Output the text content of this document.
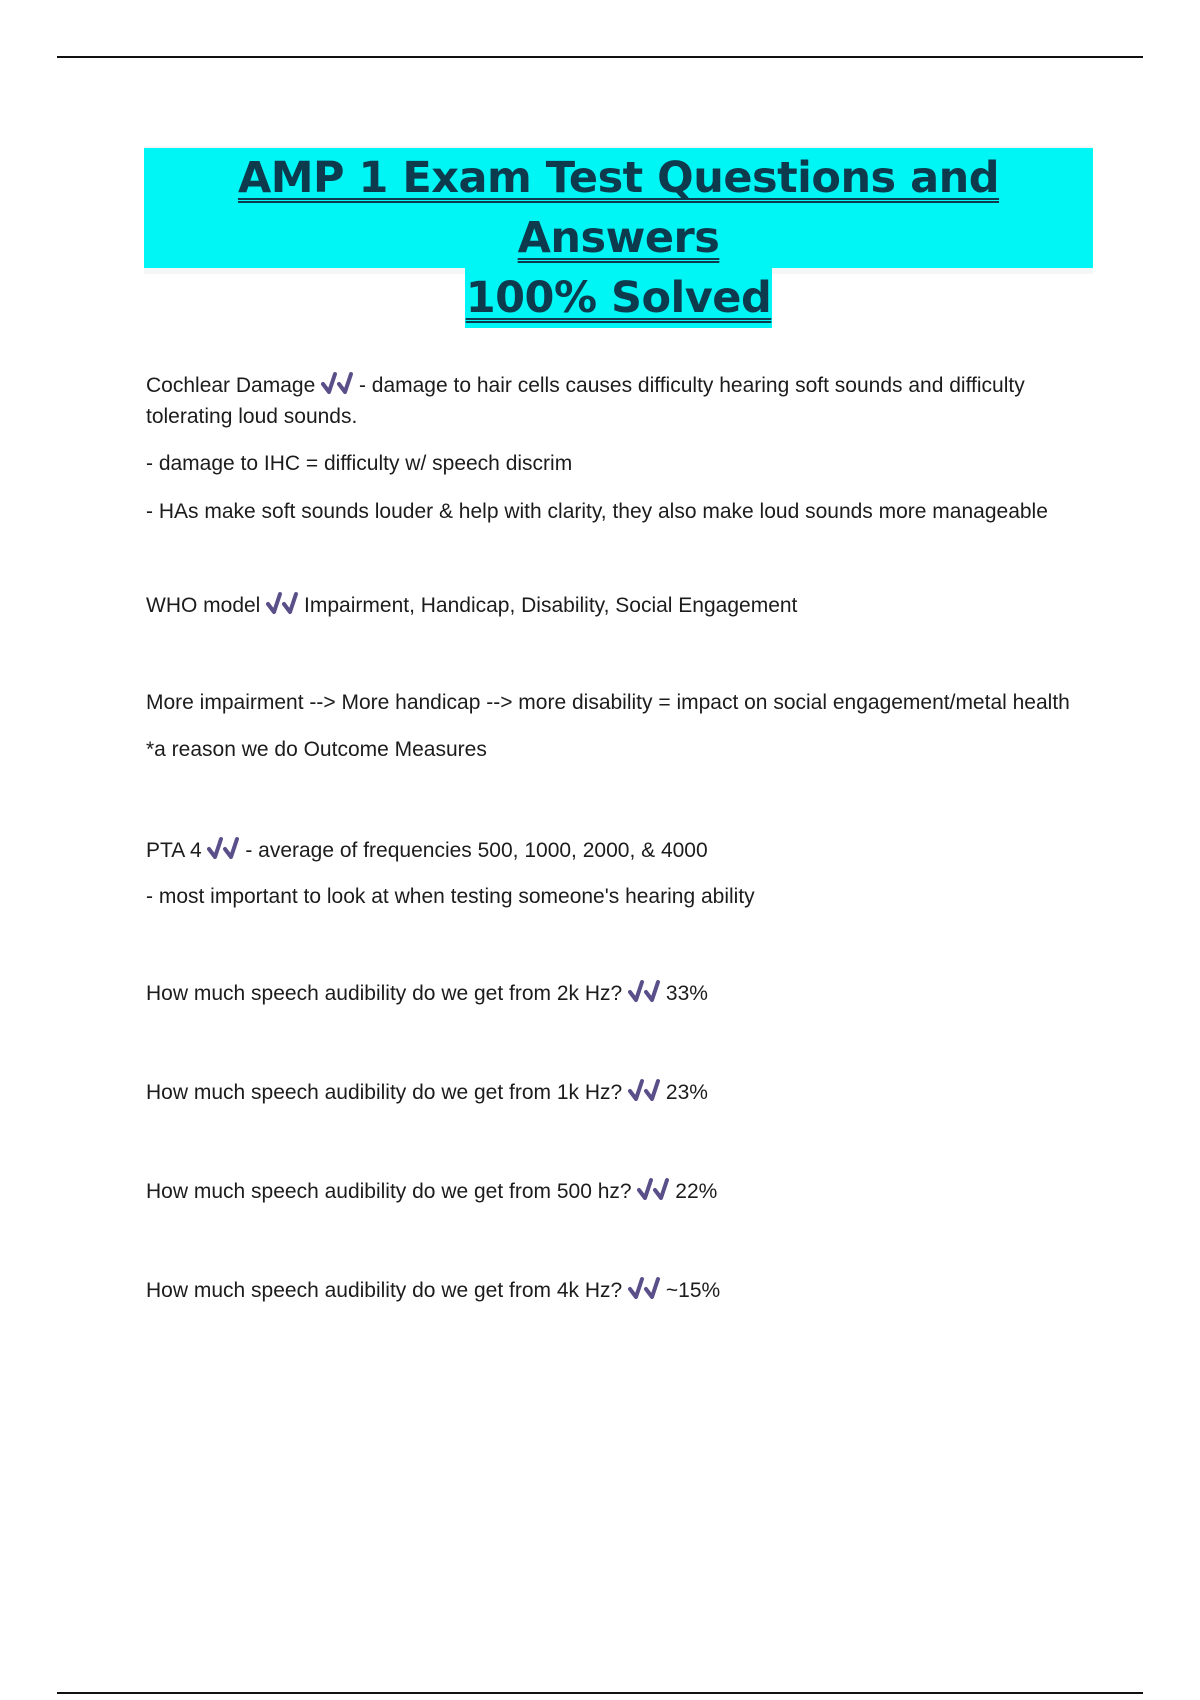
AMP 1 Exam Test Questions and Answers
100% Solved

Cochlear Damage - damage to hair cells causes difficulty hearing soft sounds and difficulty tolerating loud sounds.

- damage to IHC = difficulty w/ speech discrim

- HAs make soft sounds louder & help with clarity, they also make loud sounds more manageable

WHO model Impairment, Handicap, Disability, Social Engagement

More impairment --> More handicap --> more disability = impact on social engagement/metal health

*a reason we do Outcome Measures

PTA 4 - average of frequencies 500, 1000, 2000, & 4000

- most important to look at when testing someone's hearing ability

How much speech audibility do we get from 2k Hz? 33%

How much speech audibility do we get from 1k Hz? 23%

How much speech audibility do we get from 500 hz? 22%

How much speech audibility do we get from 4k Hz? ~15%
